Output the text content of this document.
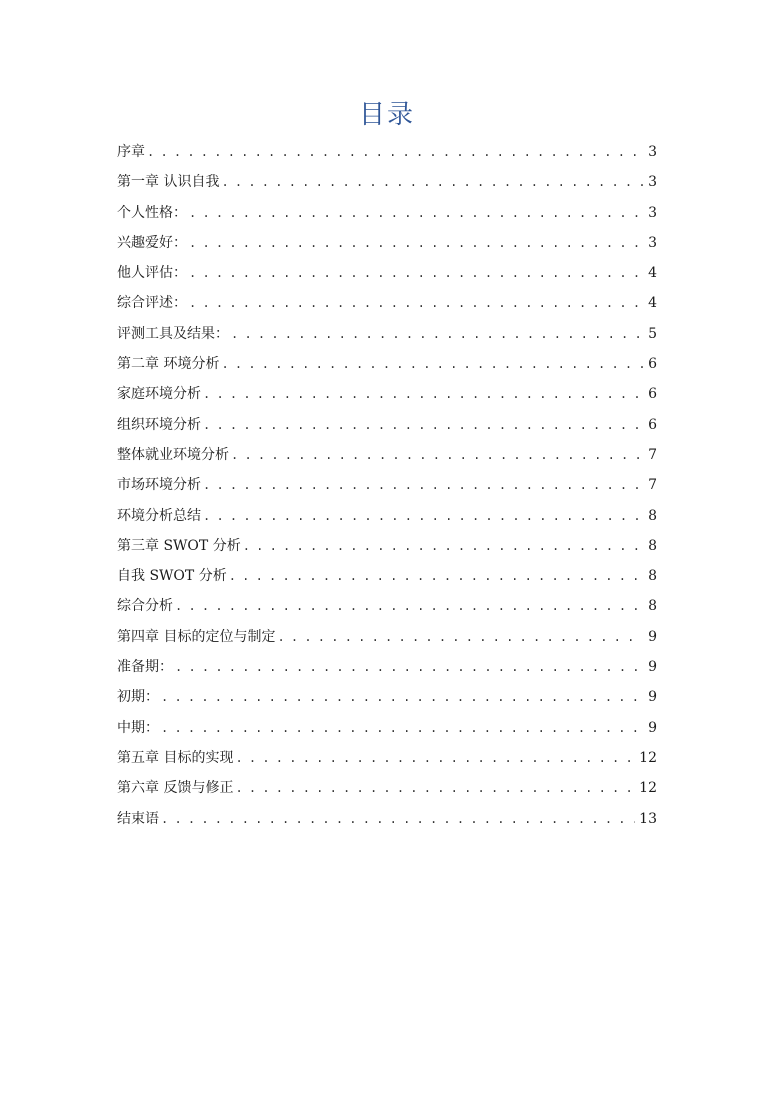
目录
序章 . . .	3
第一章 认识自我 . . .	3
个人性格： . . .	3
兴趣爱好： . . .	3
他人评估： . . .	4
综合评述： . . .	4
评测工具及结果： . . .	5
第二章 环境分析 . . .	6
家庭环境分析 . . .	6
组织环境分析 . . .	6
整体就业环境分析 . . .	7
市场环境分析 . . .	7
环境分析总结 . . .	8
第三章 SWOT 分析 . . .	8
自我 SWOT 分析 . . .	8
综合分析 . . .	8
第四章 目标的定位与制定 . . .	9
准备期： . . .	9
初期： . . .	9
中期： . . .	9
第五章 目标的实现 . . .	12
第六章 反馈与修正 . . .	12
结束语 . . .	13
